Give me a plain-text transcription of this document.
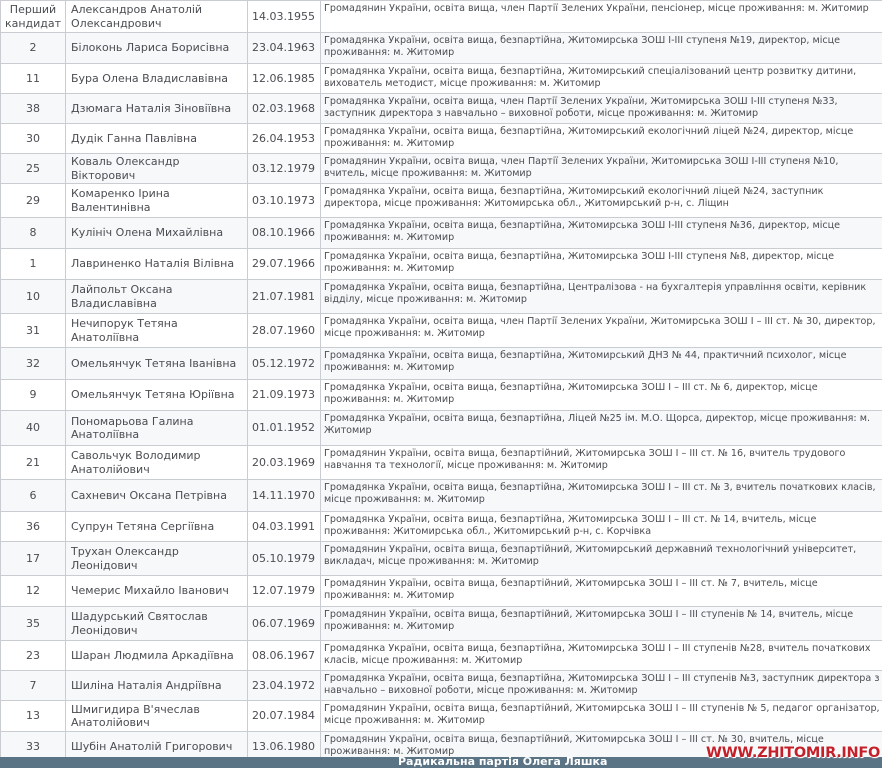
Перший кандидат	Александров Анатолій Олександрович	14.03.1955	Громадянин України, освіта вища, член Партії Зелених України, пенсіонер, місце проживання: м. Житомир
2	Білоконь Лариса Борисівна	23.04.1963	Громадянка України, освіта вища, безпартійна, Житомирська ЗОШ І-ІІІ ступеня №19, директор, місце проживання: м. Житомир
11	Бура Олена Владиславівна	12.06.1985	Громадянка України, освіта вища, безпартійна, Житомирський спеціалізований центр розвитку дитини, вихователь методист, місце проживання: м. Житомир
38	Дзюмага Наталія Зіновіївна	02.03.1968	Громадянка України, освіта вища, член Партії Зелених України, Житомирська ЗОШ І-ІІІ ступеня №33, заступник директора з навчально – виховної роботи, місце проживання: м. Житомир
30	Дудік Ганна Павлівна	26.04.1953	Громадянка України, освіта вища, безпартійна, Житомирський екологічний ліцей №24, директор, місце проживання: м. Житомир
25	Коваль Олександр Вікторович	03.12.1979	Громадянин України, освіта вища, член Партії Зелених України, Житомирська ЗОШ І-ІІІ ступеня №10, вчитель, місце проживання: м. Житомир
29	Комаренко Ірина Валентинівна	03.10.1973	Громадянка України, освіта вища, безпартійна, Житомирський екологічний ліцей №24, заступник директора, місце проживання: Житомирська обл., Житомирський р-н, с. Ліщин
8	Кулініч Олена Михайлівна	08.10.1966	Громадянка України, освіта вища, безпартійна, Житомирська ЗОШ І-ІІІ ступеня №36, директор, місце проживання: м. Житомир
1	Лавриненко Наталія Вілівна	29.07.1966	Громадянка України, освіта вища, безпартійна, Житомирська ЗОШ І-ІІІ ступеня №8, директор, місце проживання: м. Житомир
10	Лайпольт Оксана Владиславівна	21.07.1981	Громадянка України, освіта вища, безпартійна, Централізова - на бухгалтерія управління освіти, керівник відділу, місце проживання: м. Житомир
31	Нечипорук Тетяна Анатоліївна	28.07.1960	Громадянка України, освіта вища, член Партії Зелених України, Житомирська ЗОШ І – ІІІ ст. № 30, директор, місце проживання: м. Житомир
32	Омельянчук Тетяна Іванівна	05.12.1972	Громадянка України, освіта вища, безпартійна, Житомирський ДНЗ № 44, практичний психолог, місце проживання: м. Житомир
9	Омельянчук Тетяна Юріївна	21.09.1973	Громадянка України, освіта вища, безпартійна, Житомирська ЗОШ І – ІІІ ст. № 6, директор, місце проживання: м. Житомир
40	Пономарьова Галина Анатоліївна	01.01.1952	Громадянка України, освіта вища, безпартійна, Ліцей №25 ім. М.О. Щорса, директор, місце проживання: м. Житомир
21	Савольчук Володимир Анатолійович	20.03.1969	Громадянин України, освіта вища, безпартійний, Житомирська ЗОШ І – ІІІ ст. № 16, вчитель трудового навчання та технології, місце проживання: м. Житомир
6	Сахневич Оксана Петрівна	14.11.1970	Громадянка України, освіта вища, безпартійна, Житомирська ЗОШ І – ІІІ ст. № 3, вчитель початкових класів, місце проживання: м. Житомир
36	Супрун Тетяна Сергіївна	04.03.1991	Громадянка України, освіта вища, безпартійна, Житомирська ЗОШ І – ІІІ ст. № 14, вчитель, місце проживання: Житомирська обл., Житомирський р-н, с. Корчівка
17	Трухан Олександр Леонідович	05.10.1979	Громадянин України, освіта вища, безпартійний, Житомирський державний технологічний університет, викладач, місце проживання: м. Житомир
12	Чемерис Михайло Іванович	12.07.1979	Громадянин України, освіта вища, безпартійний, Житомирська ЗОШ І – ІІІ ст. № 7, вчитель, місце проживання: м. Житомир
35	Шадурський Святослав Леонідович	06.07.1969	Громадянин України, освіта вища, безпартійний, Житомирська ЗОШ І – ІІІ ступенів № 14, вчитель, місце проживання: м. Житомир
23	Шаран Людмила Аркадіївна	08.06.1967	Громадянка України, освіта вища, безпартійна, Житомирська ЗОШ І – ІІІ ступенів №28, вчитель початкових класів, місце проживання: м. Житомир
7	Шиліна Наталія Андріївна	23.04.1972	Громадянка України, освіта вища, безпартійна, Житомирська ЗОШ І – ІІІ ступенів №3, заступник директора з навчально – виховної роботи, місце проживання: м. Житомир
13	Шмигидира В'ячеслав Анатолійович	20.07.1984	Громадянин України, освіта вища, безпартійний, Житомирська ЗОШ І – ІІІ ступенів № 5, педагог організатор, місце проживання: м. Житомир
33	Шубін Анатолій Григорович	13.06.1980	Громадянин України, освіта вища, безпартійний, Житомирська ЗОШ І – ІІІ ст. № 30, вчитель, місце проживання: м. Житомир
Радикальна партія Олега Ляшка
WWW.ZHITOMIR.INFO
